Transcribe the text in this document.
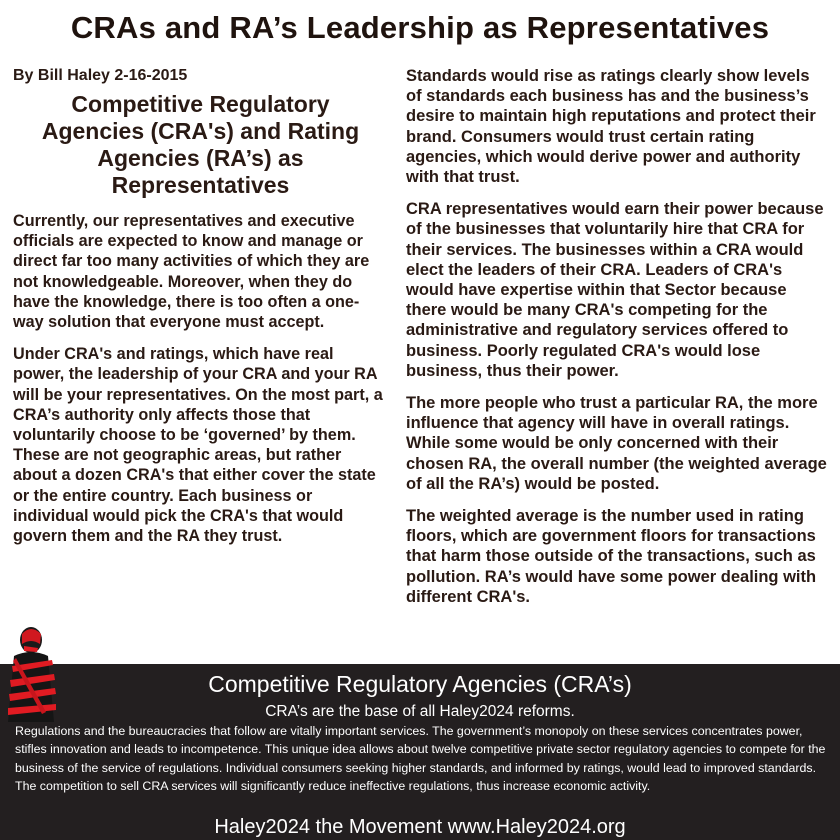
CRAs and RA’s Leadership as Representatives
By Bill Haley 2-16-2015
Competitive Regulatory Agencies (CRA's) and Rating Agencies (RA’s) as Representatives

Currently, our representatives and executive officials are expected to know and manage or direct far too many activities of which they are not knowledgeable. Moreover, when they do have the knowledge, there is too often a one-way solution that everyone must accept.

Under CRA's and ratings, which have real power, the leadership of your CRA and your RA will be your representatives. On the most part, a CRA’s authority only affects those that voluntarily choose to be ‘governed’ by them. These are not geographic areas, but rather about a dozen CRA's that either cover the state or the entire country. Each business or individual would pick the CRA's that would govern them and the RA they trust.

Standards would rise as ratings clearly show levels of standards each business has and the business’s desire to maintain high reputations and protect their brand. Consumers would trust certain rating agencies, which would derive power and authority with that trust.

CRA representatives would earn their power because of the businesses that voluntarily hire that CRA for their services. The businesses within a CRA would elect the leaders of their CRA. Leaders of CRA's would have expertise within that Sector because there would be many CRA's competing for the administrative and regulatory services offered to business. Poorly regulated CRA's would lose business, thus their power.

The more people who trust a particular RA, the more influence that agency will have in overall ratings. While some would be only concerned with their chosen RA, the overall number (the weighted average of all the RA’s) would be posted.

The weighted average is the number used in rating floors, which are government floors for transactions that harm those outside of the transactions, such as pollution. RA’s would have some power dealing with different CRA's.

Competitive Regulatory Agencies (CRA’s)
CRA’s are the base of all Haley2024 reforms.
Regulations and the bureaucracies that follow are vitally important services. The government’s monopoly on these services concentrates power, stifles innovation and leads to incompetence. This unique idea allows about twelve competitive private sector regulatory agencies to compete for the business of the service of regulations. Individual consumers seeking higher standards, and informed by ratings, would lead to improved standards. The competition to sell CRA services will significantly reduce ineffective regulations, thus increase economic activity.
Haley2024 the Movement www.Haley2024.org
